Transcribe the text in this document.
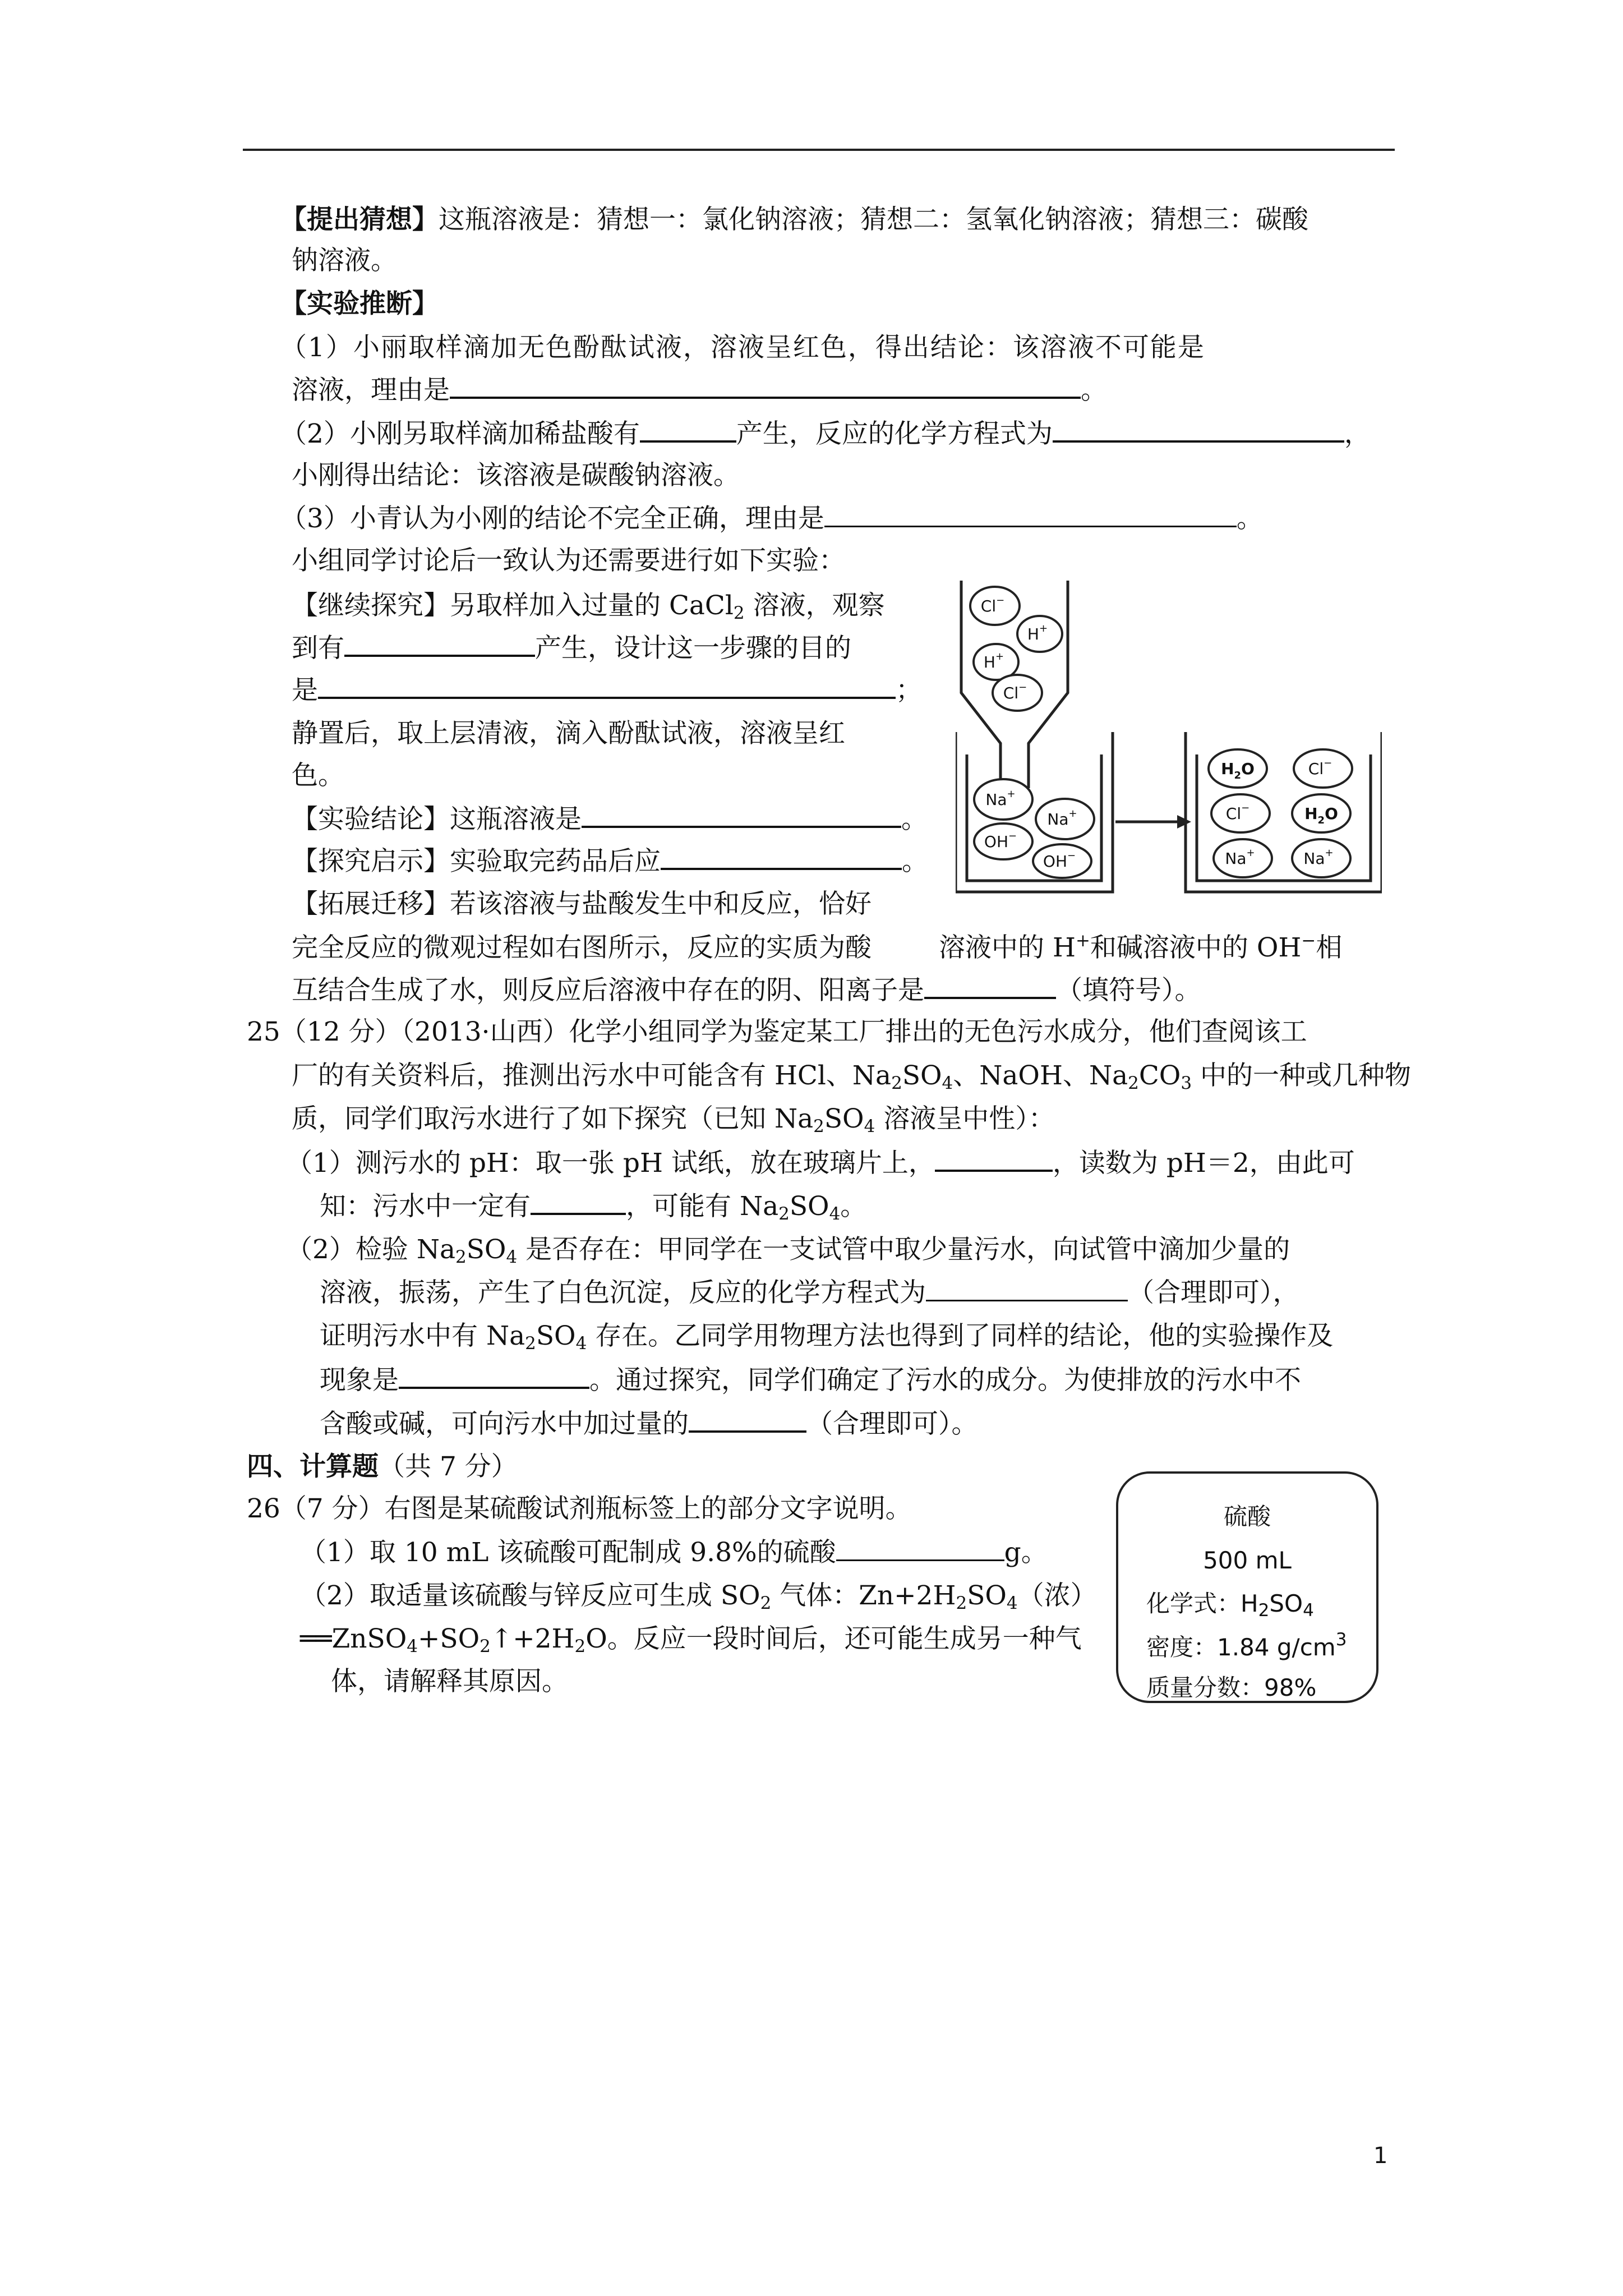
【提出猜想】这瓶溶液是：猜想一：氯化钠溶液；猜想二：氢氧化钠溶液；猜想三：碳酸
钠溶液。
【实验推断】
（1）小丽取样滴加无色酚酞试液，溶液呈红色，得出结论：该溶液不可能是
溶液，理由是	。
（2）小刚另取样滴加稀盐酸有	产生，反应的化学方程式为	，
小刚得出结论：该溶液是碳酸钠溶液。
（3）小青认为小刚的结论不完全正确，理由是	。
小组同学讨论后一致认为还需要进行如下实验：
【继续探究】另取样加入过量的 CaCl$_2$ 溶液，观察
到有	产生，设计这一步骤的目的
是	；
静置后，取上层清液，滴入酚酞试液，溶液呈红
色。
【实验结论】这瓶溶液是	。
【探究启示】实验取完药品后应	。
【拓展迁移】若该溶液与盐酸发生中和反应，恰好
完全反应的微观过程如右图所示，反应的实质为酸	溶液中的 H+和碱溶液中的 OH−相
互结合生成了水，则反应后溶液中存在的阴、阳离子是	（填符号）。
Cl−
H+
H+
Cl−
Na+
Na+
OH−
OH−
$H_2O$	Cl−
Cl−	$H_2O$
Na+	Na+
25（12 分）（2013·山西）化学小组同学为鉴定某工厂排出的无色污水成分，他们查阅该工
厂的有关资料后，推测出污水中可能含有 HCl、$Na_2SO_4$、NaOH、$Na_2CO_3$ 中的一种或几种物
质，同学们取污水进行了如下探究（已知 $Na_2SO_4$ 溶液呈中性）：
（1）测污水的 pH：取一张 pH 试纸，放在玻璃片上，	，读数为 pH＝2，由此可
知：污水中一定有	，可能有 $Na_2SO_4$。
（2）检验 $Na_2SO_4$ 是否存在：甲同学在一支试管中取少量污水，向试管中滴加少量的
溶液，振荡，产生了白色沉淀，反应的化学方程式为	（合理即可），
证明污水中有 $Na_2SO_4$ 存在。乙同学用物理方法也得到了同样的结论，他的实验操作及
现象是	。通过探究，同学们确定了污水的成分。为使排放的污水中不
含酸或碱，可向污水中加过量的	（合理即可）。
四、计算题（共 7 分）
26（7 分）右图是某硫酸试剂瓶标签上的部分文字说明。
（1）取 10 mL 该硫酸可配制成 9.8%的硫酸	g。
（2）取适量该硫酸与锌反应可生成 $SO_2$ 气体：$Zn+2H_2SO_4$（浓）
$══ZnSO_4+SO_2↑+2H_2O$。反应一段时间后，还可能生成另一种气
体，请解释其原因。
硫酸
500 mL
化学式：$H_2SO_4$
密度：1.84 $g/cm^3$
质量分数：98%
1
